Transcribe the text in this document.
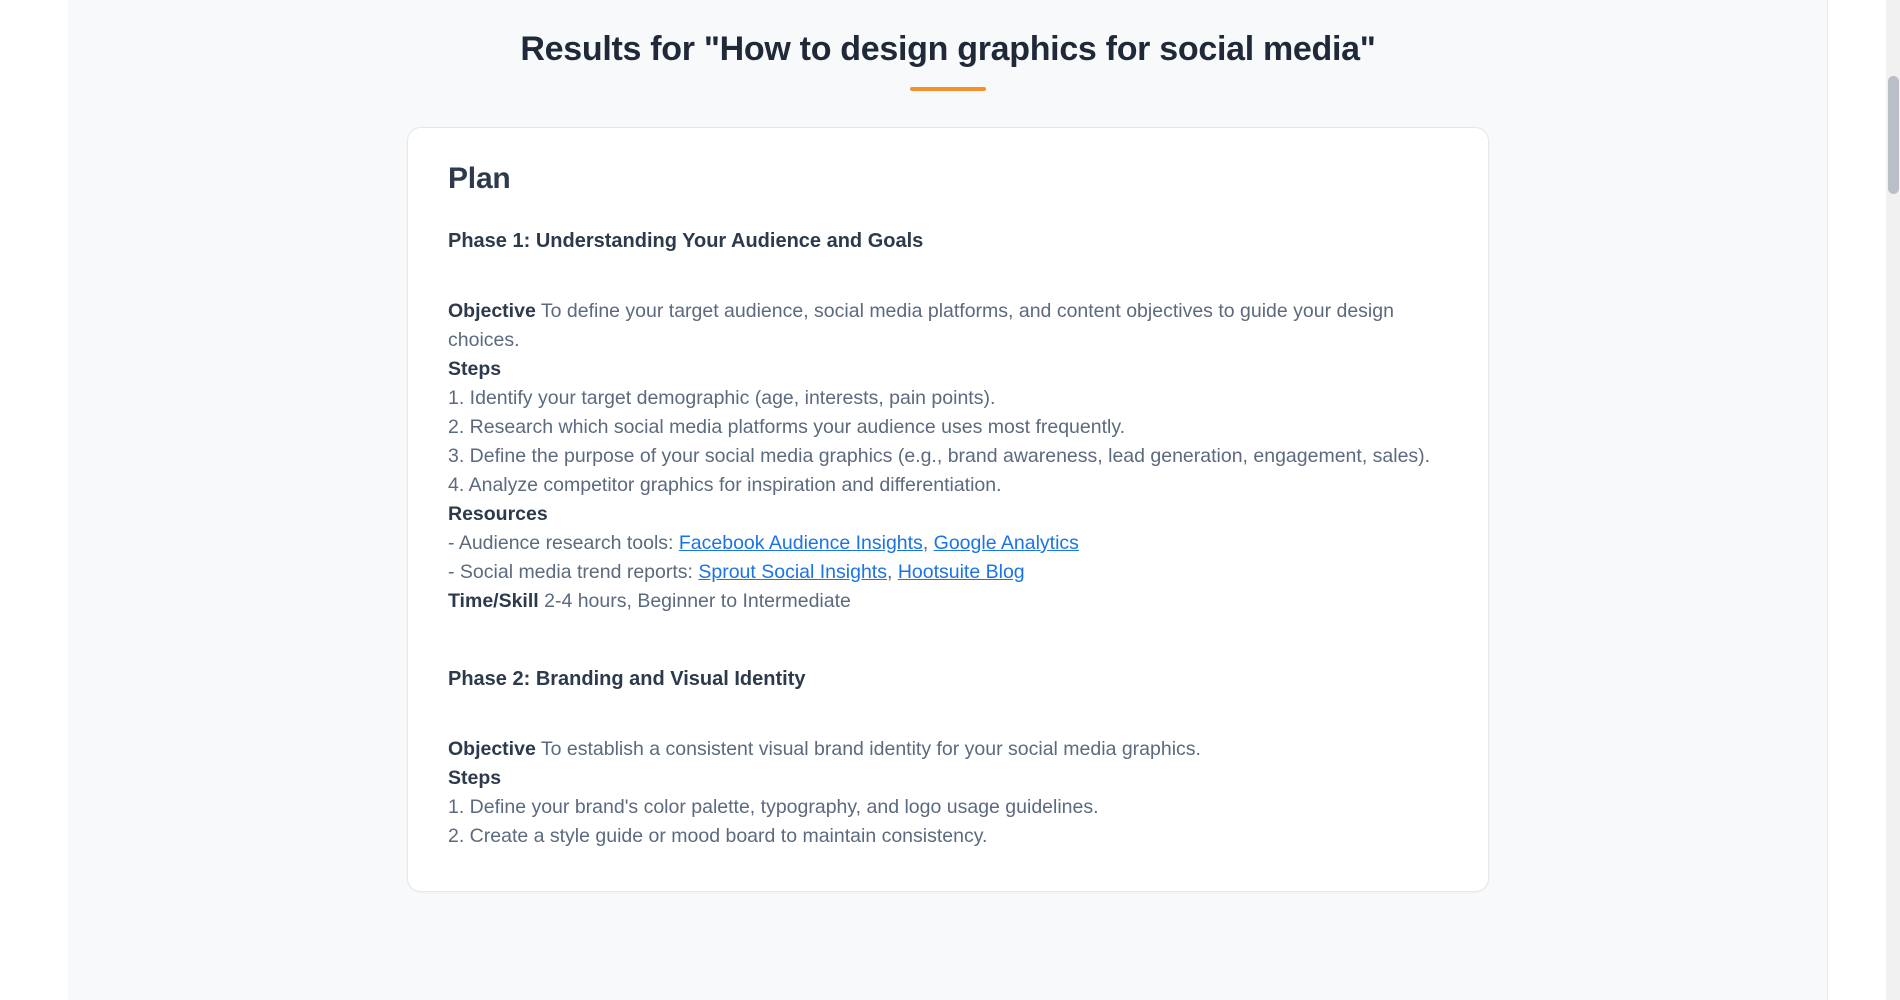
Results for "How to design graphics for social media"
Plan
Phase 1: Understanding Your Audience and Goals

Objective To define your target audience, social media platforms, and content objectives to guide your design choices.

Steps

1. Identify your target demographic (age, interests, pain points).

2. Research which social media platforms your audience uses most frequently.

3. Define the purpose of your social media graphics (e.g., brand awareness, lead generation, engagement, sales).

4. Analyze competitor graphics for inspiration and differentiation.

Resources

- Audience research tools: Facebook Audience Insights, Google Analytics

- Social media trend reports: Sprout Social Insights, Hootsuite Blog

Time/Skill 2-4 hours, Beginner to Intermediate

Phase 2: Branding and Visual Identity

Objective To establish a consistent visual brand identity for your social media graphics.

Steps

1. Define your brand's color palette, typography, and logo usage guidelines.

2. Create a style guide or mood board to maintain consistency.
